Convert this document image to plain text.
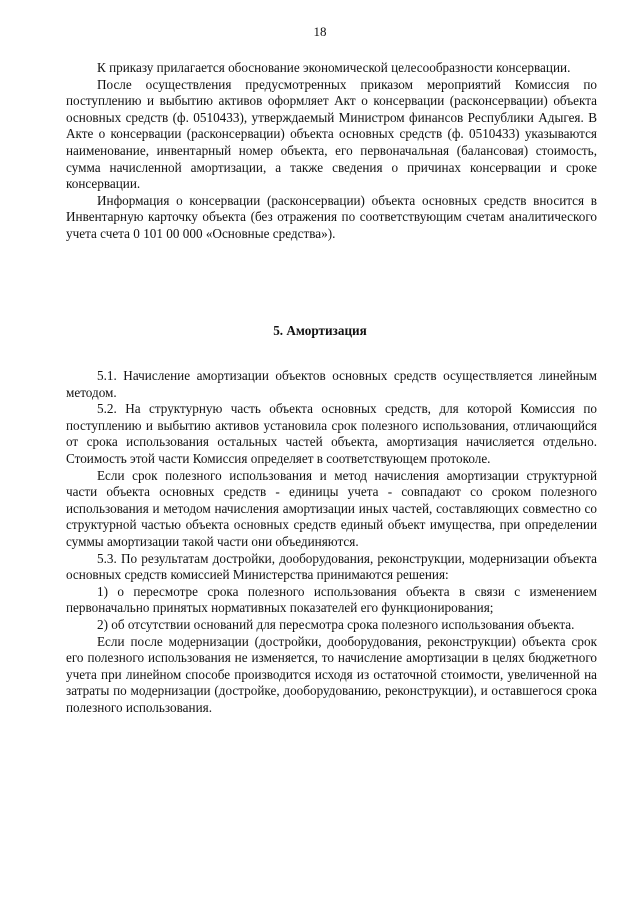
18

К приказу прилагается обоснование экономической целесообразности консервации.

После осуществления предусмотренных приказом мероприятий Комиссия по поступлению и выбытию активов оформляет Акт о консервации (расконсервации) объекта основных средств (ф. 0510433), утверждаемый Министром финансов Республики Адыгея. В Акте о консервации (расконсервации) объекта основных средств (ф. 0510433) указываются наименование, инвентарный номер объекта, его первоначальная (балансовая) стоимость, сумма начисленной амортизации, а также сведения о причинах консервации и сроке консервации.

Информация о консервации (расконсервации) объекта основных средств вносится в Инвентарную карточку объекта (без отражения по соответствующим счетам аналитического учета счета 0 101 00 000 «Основные средства»).

5. Амортизация

5.1. Начисление амортизации объектов основных средств осуществляется линейным методом.

5.2. На структурную часть объекта основных средств, для которой Комиссия по поступлению и выбытию активов установила срок полезного использования, отличающийся от срока использования остальных частей объекта, амортизация начисляется отдельно. Стоимость этой части Комиссия определяет в соответствующем протоколе.

Если срок полезного использования и метод начисления амортизации структурной части объекта основных средств - единицы учета - совпадают со сроком полезного использования и методом начисления амортизации иных частей, составляющих совместно со структурной частью объекта основных средств единый объект имущества, при определении суммы амортизации такой части они объединяются.

5.3. По результатам достройки, дооборудования, реконструкции, модернизации объекта основных средств комиссией Министерства принимаются решения:

1) о пересмотре срока полезного использования объекта в связи с изменением первоначально принятых нормативных показателей его функционирования;

2) об отсутствии оснований для пересмотра срока полезного использования объекта.

Если после модернизации (достройки, дооборудования, реконструкции) объекта срок его полезного использования не изменяется, то начисление амортизации в целях бюджетного учета при линейном способе производится исходя из остаточной стоимости, увеличенной на затраты по модернизации (достройке, дооборудованию, реконструкции), и оставшегося срока полезного использования.
